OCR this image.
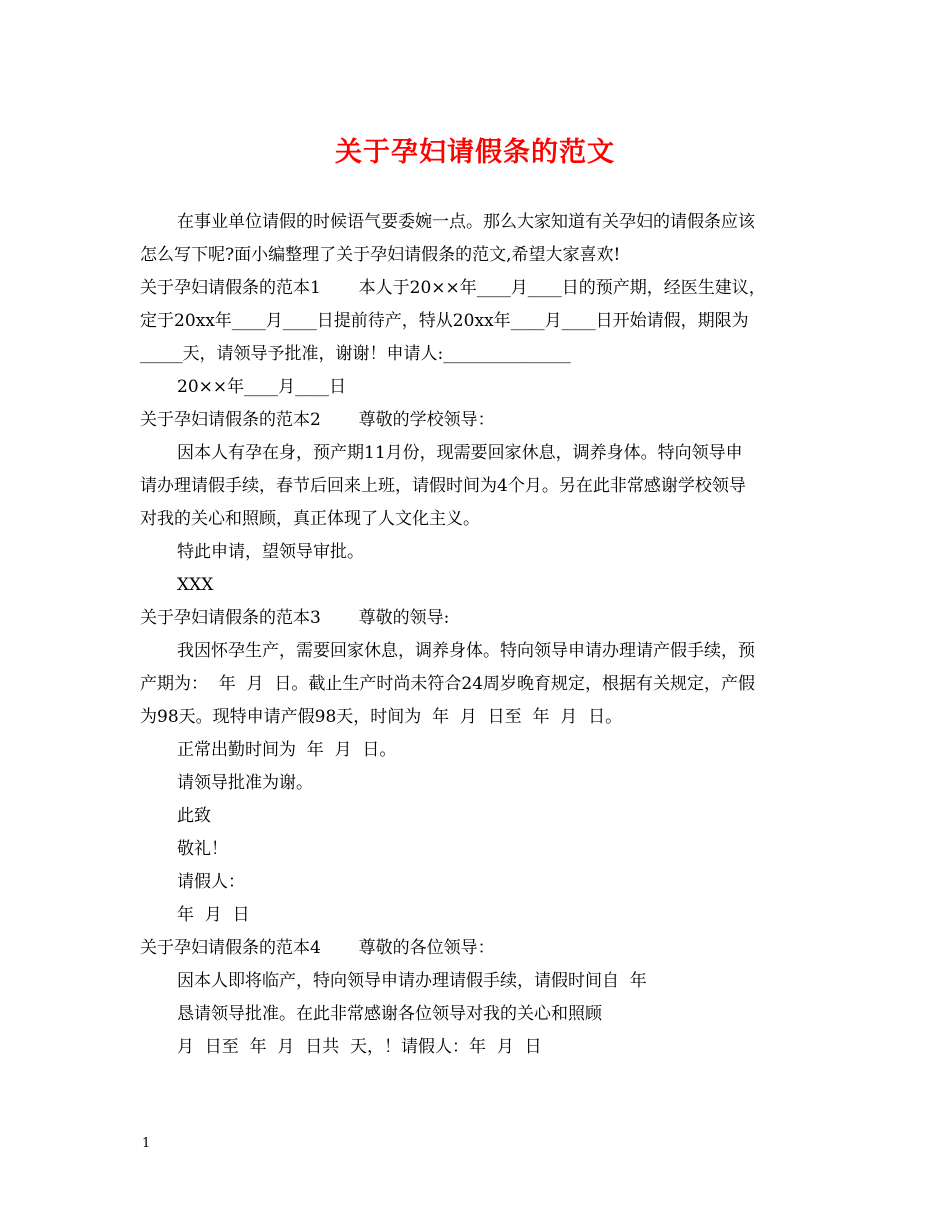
关于孕妇请假条的范文
在事业单位请假的时候语气要委婉一点。那么大家知道有关孕妇的请假条应该
怎么写下呢?面小编整理了关于孕妇请假条的范文,希望大家喜欢!
关于孕妇请假条的范本1       本人于20××年____月____日的预产期，经医生建议，
定于20xx年____月____日提前待产，特从20xx年____月____日开始请假，期限为
_____天，请领导予批准，谢谢！申请人:_______________
20××年____月____日
关于孕妇请假条的范本2       尊敬的学校领导：
因本人有孕在身，预产期11月份，现需要回家休息，调养身体。特向领导申
请办理请假手续，春节后回来上班，请假时间为4个月。另在此非常感谢学校领导
对我的关心和照顾，真正体现了人文化主义。
特此申请，望领导审批。
XXX
关于孕妇请假条的范本3       尊敬的领导:
我因怀孕生产，需要回家休息，调养身体。特向领导申请办理请产假手续，预
产期为：  年  月  日。截止生产时尚未符合24周岁晚育规定，根据有关规定，产假
为98天。现特申请产假98天，时间为  年  月  日至  年  月  日。
正常出勤时间为  年  月  日。
请领导批准为谢。
此致
敬礼！
请假人：
年  月  日
关于孕妇请假条的范本4       尊敬的各位领导：
因本人即将临产，特向领导申请办理请假手续，请假时间自  年
恳请领导批准。在此非常感谢各位领导对我的关心和照顾
月  日至  年  月  日共  天，！请假人：年  月  日
1
